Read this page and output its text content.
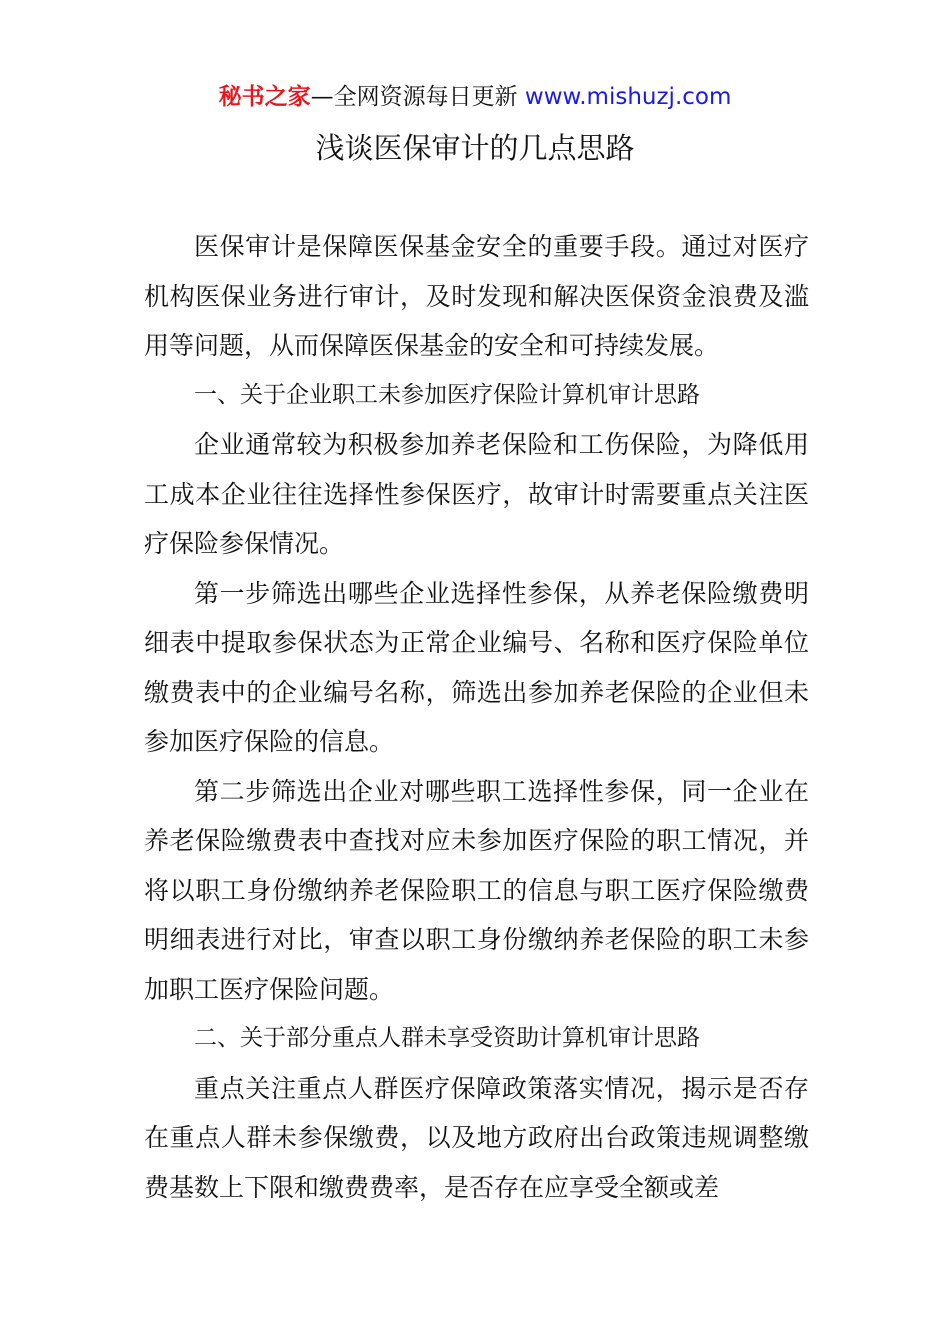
秘书之家—全网资源每日更新 www.mishuzj.com
浅谈医保审计的几点思路

医保审计是保障医保基金安全的重要手段。通过对医疗机构医保业务进行审计，及时发现和解决医保资金浪费及滥用等问题，从而保障医保基金的安全和可持续发展。

一、关于企业职工未参加医疗保险计算机审计思路

企业通常较为积极参加养老保险和工伤保险，为降低用工成本企业往往选择性参保医疗，故审计时需要重点关注医疗保险参保情况。

第一步筛选出哪些企业选择性参保，从养老保险缴费明细表中提取参保状态为正常企业编号、名称和医疗保险单位缴费表中的企业编号名称，筛选出参加养老保险的企业但未参加医疗保险的信息。

第二步筛选出企业对哪些职工选择性参保，同一企业在养老保险缴费表中查找对应未参加医疗保险的职工情况，并将以职工身份缴纳养老保险职工的信息与职工医疗保险缴费明细表进行对比，审查以职工身份缴纳养老保险的职工未参加职工医疗保险问题。

二、关于部分重点人群未享受资助计算机审计思路

重点关注重点人群医疗保障政策落实情况，揭示是否存在重点人群未参保缴费，以及地方政府出台政策违规调整缴费基数上下限和缴费费率，是否存在应享受全额或差
